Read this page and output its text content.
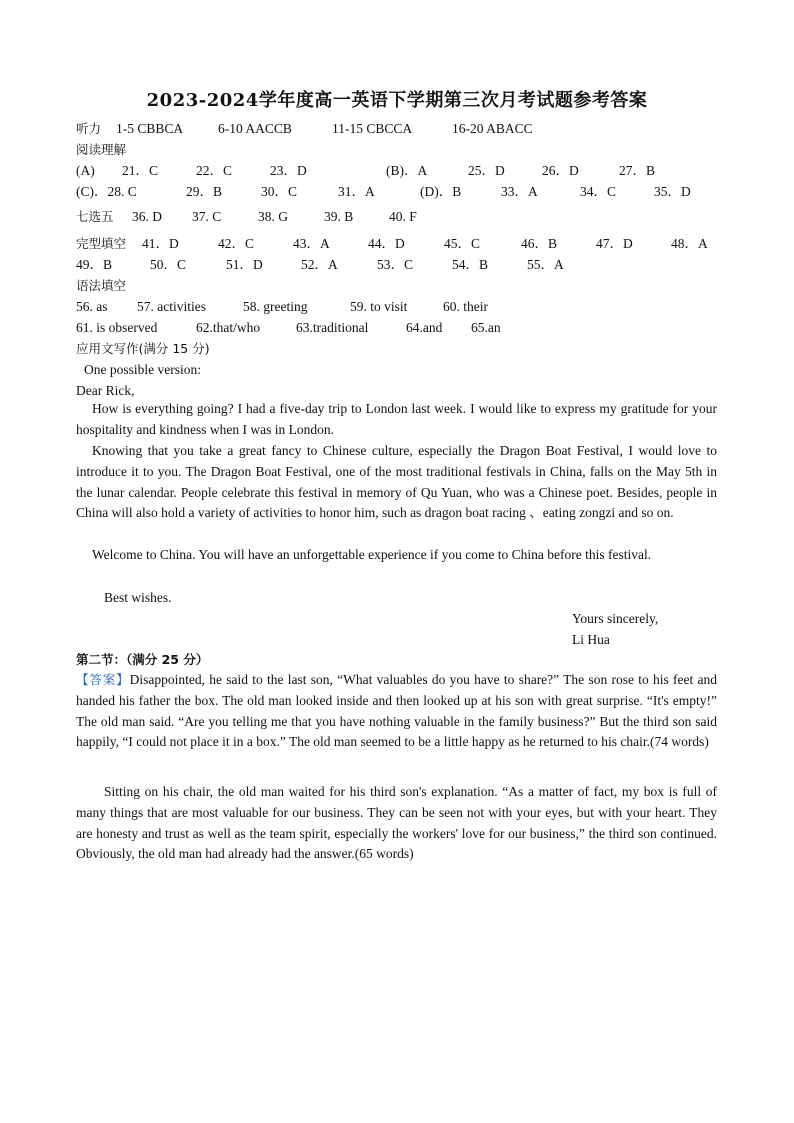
2023-2024学年度高一英语下学期第三次月考试题参考答案
听力 1-5 CBBCA	6-10 AACCB	11-15 CBCCA	16-20 ABACC
阅读理解
(A) 21．C	22．C	23．D	(B)．A	25．D	26．D	27．B
(C)．28. C	29．B	30．C	31．A	(D)．B	33．A	34．C	35．D
七选五 36. D 37. C	38. G	39. B	40. F
完型填空 41．D	42．C	43．A	44．D	45．C	46．B	47．D	48．A
49．B	50．C	51．D	52．A	53．C	54．B	55．A
语法填空
56. as 57. activities	58. greeting	59. to visit	60. their
61. is observed	62.that/who	63.traditional	64.and 65.an
应用文写作(满分 15 分)
One possible version:
Dear Rick,
How is everything going? I had a five-day trip to London last week. I would like to express my gratitude for your hospitality and kindness when I was in London.
Knowing that you take a great fancy to Chinese culture, especially the Dragon Boat Festival, I would love to introduce it to you. The Dragon Boat Festival, one of the most traditional festivals in China, falls on the May 5th in the lunar calendar. People celebrate this festival in memory of Qu Yuan, who was a Chinese poet. Besides, people in China will also hold a variety of activities to honor him, such as dragon boat racing 、eating zongzi and so on.
Welcome to China. You will have an unforgettable experience if you come to China before this festival.
Best wishes.
Yours sincerely,
Li Hua
第二节：（满分 25 分）
【答案】Disappointed, he said to the last son, “What valuables do you have to share?” The son rose to his feet and handed his father the box. The old man looked inside and then looked up at his son with great surprise. “It's empty!” The old man said. “Are you telling me that you have nothing valuable in the family business?” But the third son said happily, “I could not place it in a box.” The old man seemed to be a little happy as he returned to his chair.(74 words)
Sitting on his chair, the old man waited for his third son's explanation. “As a matter of fact, my box is full of many things that are most valuable for our business. They can be seen not with your eyes, but with your heart. They are honesty and trust as well as the team spirit, especially the workers' love for our business,” the third son continued. Obviously, the old man had already had the answer.(65 words)
